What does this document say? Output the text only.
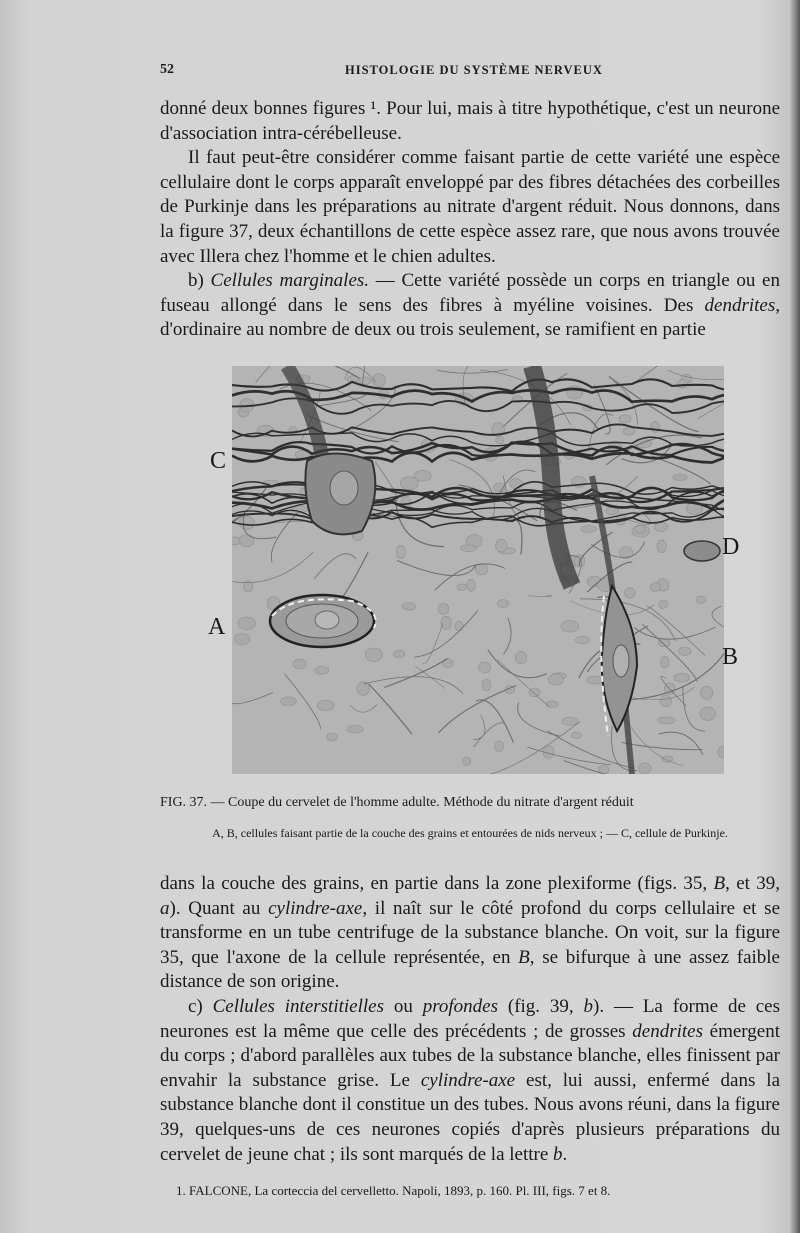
52	HISTOLOGIE DU SYSTÈME NERVEUX

donné deux bonnes figures ¹. Pour lui, mais à titre hypothétique, c'est un neurone d'association intra-cérébelleuse.

Il faut peut-être considérer comme faisant partie de cette variété une espèce cellulaire dont le corps apparaît enveloppé par des fibres détachées des corbeilles de Purkinje dans les préparations au nitrate d'argent réduit. Nous donnons, dans la figure 37, deux échantillons de cette espèce assez rare, que nous avons trouvée avec Illera chez l'homme et le chien adultes.

b) Cellules marginales. — Cette variété possède un corps en triangle ou en fuseau allongé dans le sens des fibres à myéline voisines. Des dendrites, d'ordinaire au nombre de deux ou trois seulement, se ramifient en partie

C
A
D
B
FIG. 37. — Coupe du cervelet de l'homme adulte. Méthode du nitrate d'argent réduit
A, B, cellules faisant partie de la couche des grains et entourées de nids nerveux ; — C, cellule de Purkinje.

dans la couche des grains, en partie dans la zone plexiforme (figs. 35, B, et 39, a). Quant au cylindre-axe, il naît sur le côté profond du corps cellulaire et se transforme en un tube centrifuge de la substance blanche. On voit, sur la figure 35, que l'axone de la cellule représentée, en B, se bifurque à une assez faible distance de son origine.

c) Cellules interstitielles ou profondes (fig. 39, b). — La forme de ces neurones est la même que celle des précédents ; de grosses dendrites émergent du corps ; d'abord parallèles aux tubes de la substance blanche, elles finissent par envahir la substance grise. Le cylindre-axe est, lui aussi, enfermé dans la substance blanche dont il constitue un des tubes. Nous avons réuni, dans la figure 39, quelques-uns de ces neurones copiés d'après plusieurs préparations du cervelet de jeune chat ; ils sont marqués de la lettre b.

1. FALCONE, La corteccia del cervelletto. Napoli, 1893, p. 160. Pl. III, figs. 7 et 8.
